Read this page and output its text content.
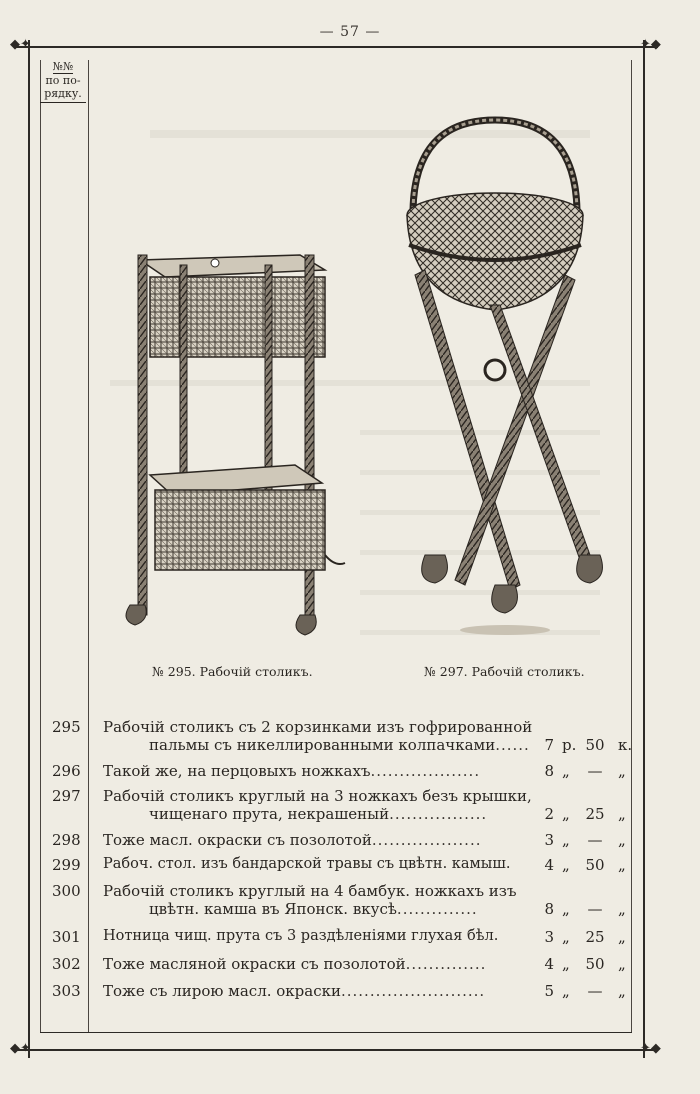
— 57 —
◆✦	✦◆
◆✦	✦◆
№№
по по-
рядку.
№ 295. Рабочій столикъ.	№ 297. Рабочій столикъ.
295	Рабочій столикъ съ 2 корзинками изъ гофрированной
пальмы съ никеллированными колпачками...... 7 р. 50 к.
296	Такой же, на перцовыхъ ножкахъ...................	8 „ — „
297	Рабочій столикъ круглый на 3 ножкахъ безъ крышки,
чищенаго прута, некрашеный.................	2 „ 25 „
298	Тоже масл. окраски съ позолотой...................	3 „ — „
299	Рабоч. стол. изъ бандарской травы съ цвѣтн. камыш.	4 „ 50 „
300	Рабочій столикъ круглый на 4 бамбук. ножкахъ изъ
цвѣтн. камша въ Японск. вкусѣ..............	8 „ — „
301	Нотница чищ. прута съ 3 раздѣленіями глухая бѣл.	3 „ 25 „
302	Тоже масляной окраски съ позолотой..............	4 „ 50 „
303	Тоже съ лирою масл. окраски.........................	5 „ — „
